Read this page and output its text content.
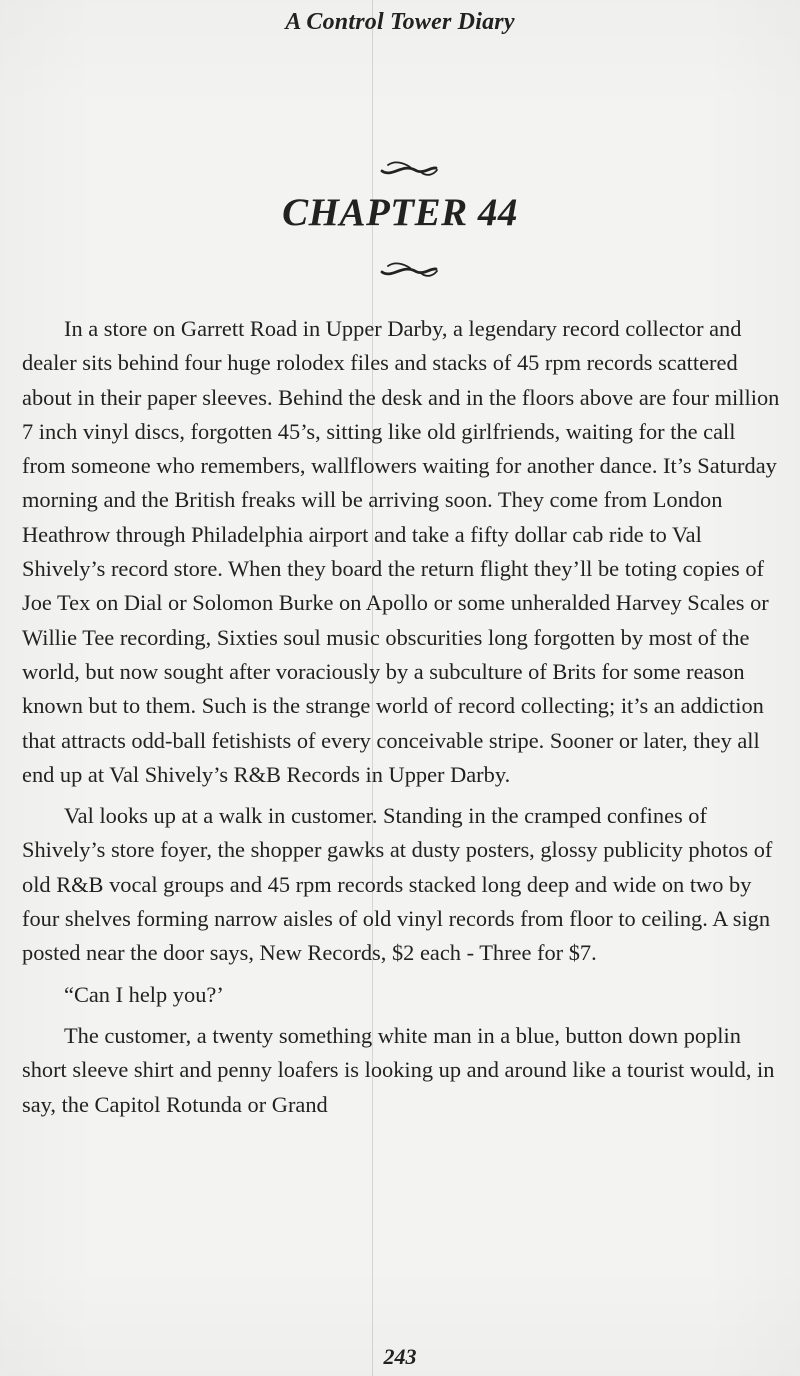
A Control Tower Diary
CHAPTER 44

In a store on Garrett Road in Upper Darby, a legendary record collector and dealer sits behind four huge rolodex files and stacks of 45 rpm records scattered about in their paper sleeves. Behind the desk and in the floors above are four million 7 inch vinyl discs, forgotten 45’s, sitting like old girlfriends, waiting for the call from someone who remembers, wallflowers waiting for another dance. It’s Saturday morning and the British freaks will be arriving soon. They come from London Heathrow through Philadelphia airport and take a fifty dollar cab ride to Val Shively’s record store. When they board the return flight they’ll be toting copies of Joe Tex on Dial or Solomon Burke on Apollo or some unheralded Harvey Scales or Willie Tee recording, Sixties soul music obscurities long forgotten by most of the world, but now sought after voraciously by a subculture of Brits for some reason known but to them. Such is the strange world of record collecting; it’s an addiction that attracts odd-ball fetishists of every conceivable stripe. Sooner or later, they all end up at Val Shively’s R&B Records in Upper Darby.

Val looks up at a walk in customer. Standing in the cramped confines of Shively’s store foyer, the shopper gawks at dusty posters, glossy publicity photos of old R&B vocal groups and 45 rpm records stacked long deep and wide on two by four shelves forming narrow aisles of old vinyl records from floor to ceiling. A sign posted near the door says, New Records, $2 each - Three for $7.

“Can I help you?’

The customer, a twenty something white man in a blue, button down poplin short sleeve shirt and penny loafers is looking up and around like a tourist would, in say, the Capitol Rotunda or Grand

243
